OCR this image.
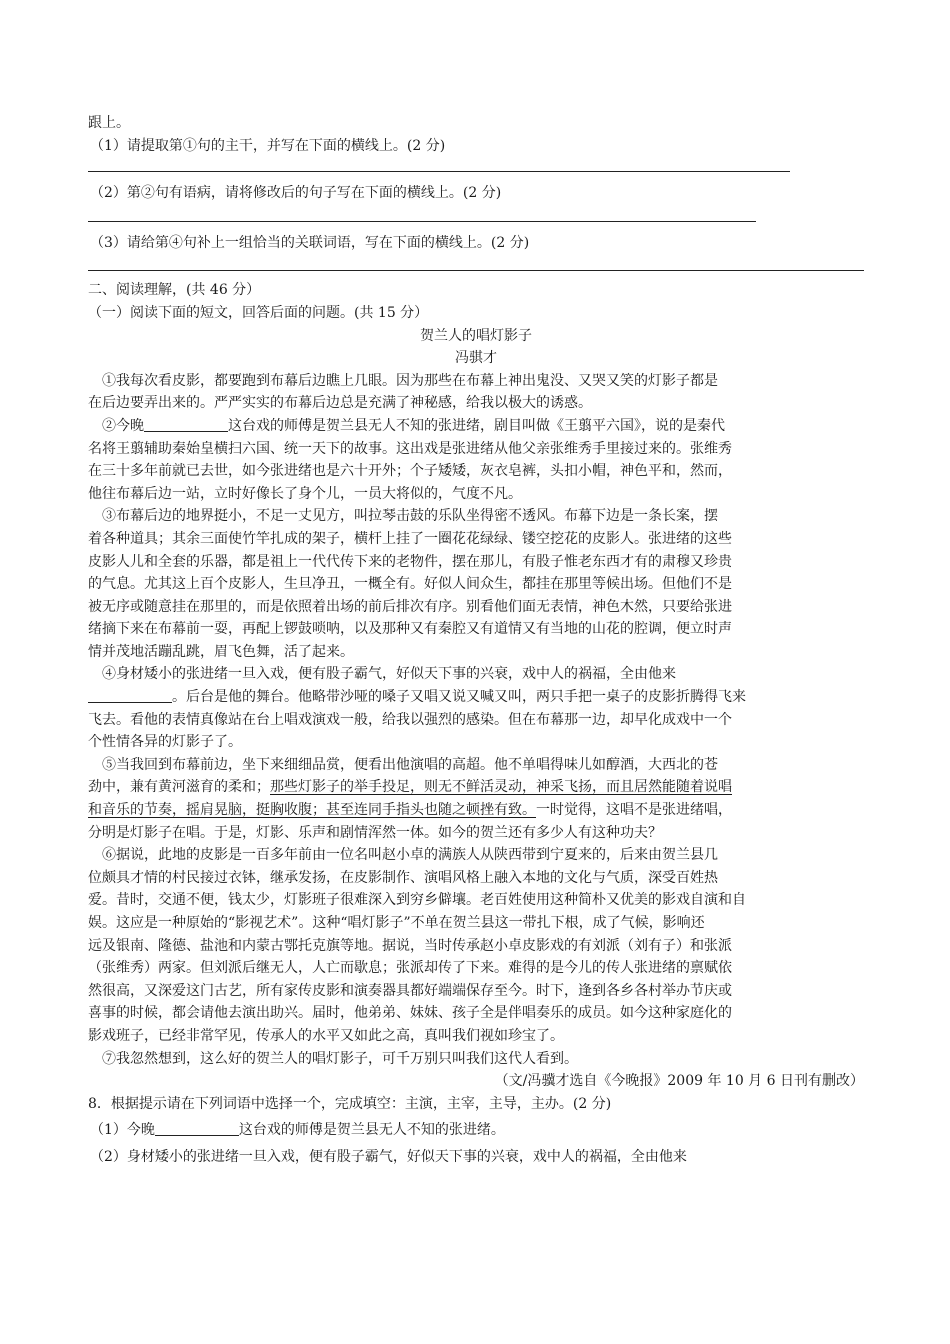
跟上。
（1）请提取第①句的主干，并写在下面的横线上。(2 分)
（2）第②句有语病，请将修改后的句子写在下面的横线上。(2 分)
（3）请给第④句补上一组恰当的关联词语，写在下面的横线上。(2 分)
二、阅读理解，(共 46 分）
（一）阅读下面的短文，回答后面的问题。(共 15 分）
贺兰人的唱灯影子
冯骐才
①我每次看皮影，都要跑到布幕后边瞧上几眼。因为那些在布幕上神出鬼没、又哭又笑的灯影子都是
在后边要弄出来的。严严实实的布幕后边总是充满了神秘感，给我以极大的诱惑。
②今晚	这台戏的师傅是贺兰县无人不知的张进绪，剧目叫做《王翦平六国》，说的是秦代
名将王翦辅助秦始皇横扫六国、统一天下的故事。这出戏是张进绪从他父亲张维秀手里接过来的。张维秀
在三十多年前就已去世，如今张进绪也是六十开外；个子矮矮，灰衣皂裤，头扣小帽，神色平和，然而，
他往布幕后边一站，立时好像长了身个儿，一员大将似的，气度不凡。
③布幕后边的地界挺小，不足一丈见方，叫拉琴击鼓的乐队坐得密不透风。布幕下边是一条长案，摆
着各种道具；其余三面使竹竿扎成的架子，横杆上挂了一圈花花绿绿、镂空挖花的皮影人。张进绪的这些
皮影人儿和全套的乐器，都是祖上一代代传下来的老物件，摆在那儿，有股子惟老东西才有的肃穆又珍贵
的气息。尤其这上百个皮影人，生旦净丑，一概全有。好似人间众生，都挂在那里等候出场。但他们不是
被无序或随意挂在那里的，而是依照着出场的前后排次有序。别看他们面无表情，神色木然，只要给张进
绪摘下来在布幕前一耍，再配上锣鼓唢呐，以及那种又有秦腔又有道情又有当地的山花的腔调，便立时声
情并茂地活蹦乱跳，眉飞色舞，活了起来。
④身材矮小的张进绪一旦入戏，便有股子霸气，好似天下事的兴衰，戏中人的祸福，全由他来
。后台是他的舞台。他略带沙哑的嗓子又唱又说又喊又叫，两只手把一桌子的皮影折腾得飞来
飞去。看他的表情真像站在台上唱戏演戏一般，给我以强烈的感染。但在布幕那一边，却早化成戏中一个
个性情各异的灯影子了。
⑤当我回到布幕前边，坐下来细细品赏，便看出他演唱的高超。他不单唱得味儿如醇酒，大西北的苍
劲中，兼有黄河滋育的柔和；那些灯影子的举手投足，则无不鲜活灵动，神采飞扬，而且居然能随着说唱
和音乐的节奏，摇肩晃脑，挺胸收腹；甚至连同手指头也随之顿挫有致。一时觉得，这唱不是张进绪唱，
分明是灯影子在唱。于是，灯影、乐声和剧情浑然一体。如今的贺兰还有多少人有这种功夫？
⑥据说，此地的皮影是一百多年前由一位名叫赵小卓的满族人从陕西带到宁夏来的，后来由贺兰县几
位颇具才情的村民接过衣钵，继承发扬，在皮影制作、演唱风格上融入本地的文化与气质，深受百姓热
爱。昔时，交通不便，钱太少，灯影班子很难深入到穷乡僻壤。老百姓使用这种简朴又优美的影戏自演和自
娱。这应是一种原始的“影视艺术”。这种“唱灯影子”不单在贺兰县这一带扎下根，成了气候，影响还
远及银南、隆德、盐池和内蒙古鄂托克旗等地。据说，当时传承赵小卓皮影戏的有刘派（刘有子）和张派
（张维秀）两家。但刘派后继无人，人亡而歇息；张派却传了下来。难得的是今儿的传人张进绪的禀赋依
然很高，又深爱这门古艺，所有家传皮影和演奏器具都好端端保存至今。时下，逢到各乡各村举办节庆或
喜事的时候，都会请他去演出助兴。届时，他弟弟、妹妹、孩子全是伴唱奏乐的成员。如今这种家庭化的
影戏班子，已经非常罕见，传承人的水平又如此之高，真叫我们视如珍宝了。
⑦我忽然想到，这么好的贺兰人的唱灯影子，可千万别只叫我们这代人看到。
（文/冯骥才选自《今晚报》2009 年 10 月 6 日刊有删改）
8．根据提示请在下列词语中选择一个，完成填空：主演，主宰，主导，主办。(2 分)
（1）今晚	这台戏的师傅是贺兰县无人不知的张进绪。
（2）身材矮小的张进绪一旦入戏，便有股子霸气，好似天下事的兴衰，戏中人的祸福，全由他来
